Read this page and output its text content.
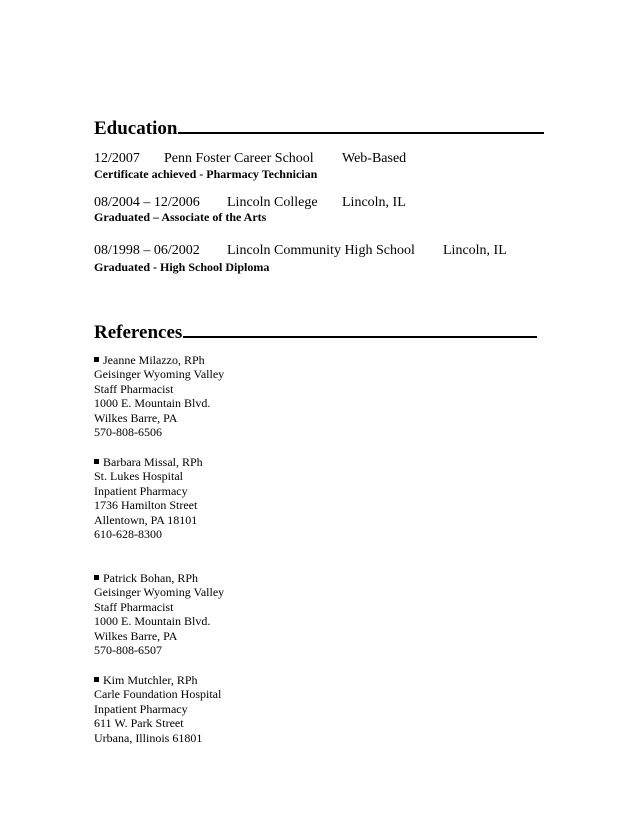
Education
12/2007 Penn Foster Career School Web-Based
Certificate achieved - Pharmacy Technician
08/2004 – 12/2006 Lincoln College Lincoln, IL
Graduated – Associate of the Arts
08/1998 – 06/2002 Lincoln Community High School Lincoln, IL
Graduated - High School Diploma
References
Jeanne Milazzo, RPh
Geisinger Wyoming Valley
Staff Pharmacist
1000 E. Mountain Blvd.
Wilkes Barre, PA
570-808-6506
Barbara Missal, RPh
St. Lukes Hospital
Inpatient Pharmacy
1736 Hamilton Street
Allentown, PA 18101
610-628-8300
Patrick Bohan, RPh
Geisinger Wyoming Valley
Staff Pharmacist
1000 E. Mountain Blvd.
Wilkes Barre, PA
570-808-6507
Kim Mutchler, RPh
Carle Foundation Hospital
Inpatient Pharmacy
611 W. Park Street
Urbana, Illinois 61801
